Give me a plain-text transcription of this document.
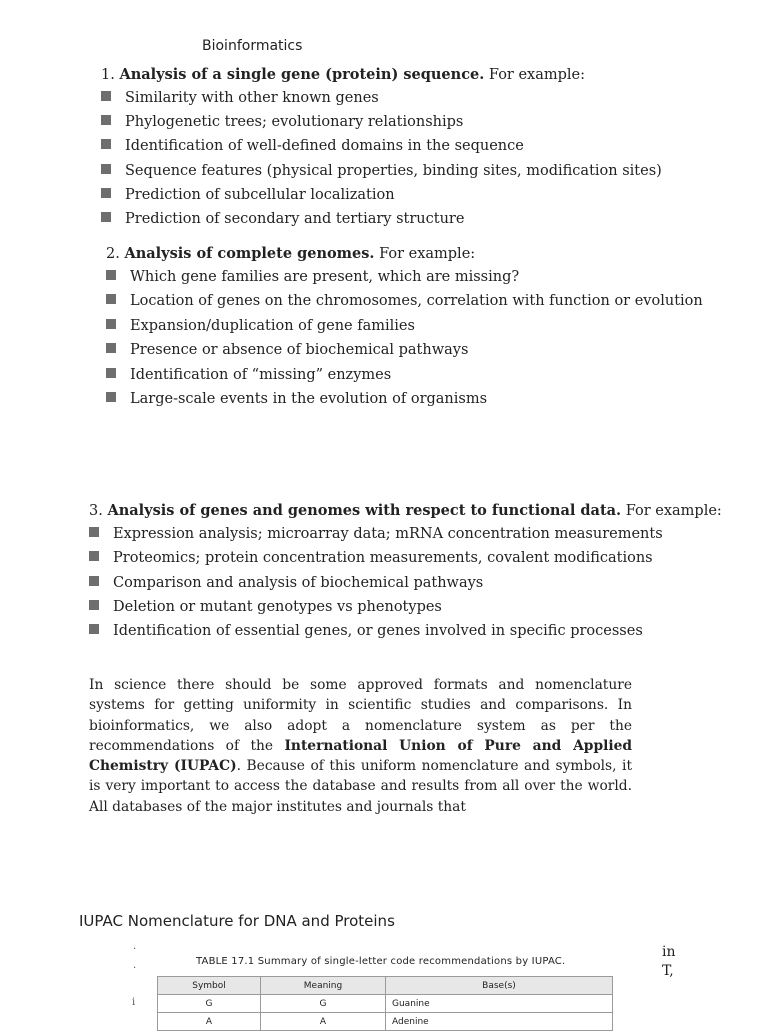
Bioinformatics
1. Analysis of a single gene (protein) sequence. For example:
Similarity with other known genes
Phylogenetic trees; evolutionary relationships
Identification of well-defined domains in the sequence
Sequence features (physical properties, binding sites, modification sites)
Prediction of subcellular localization
Prediction of secondary and tertiary structure
2. Analysis of complete genomes. For example:
Which gene families are present, which are missing?
Location of genes on the chromosomes, correlation with function or evolution
Expansion/duplication of gene families
Presence or absence of biochemical pathways
Identification of “missing” enzymes
Large-scale events in the evolution of organisms
3. Analysis of genes and genomes with respect to functional data. For example:
Expression analysis; microarray data; mRNA concentration measurements
Proteomics; protein concentration measurements, covalent modifications
Comparison and analysis of biochemical pathways
Deletion or mutant genotypes vs phenotypes
Identification of essential genes, or genes involved in specific processes
In science there should be some approved formats and nomenclature systems for getting uniformity in scientific studies and comparisons. In bioinformatics, we also adopt a nomenclature system as per the recommendations of the International Union of Pure and Applied Chemistry (IUPAC). Because of this uniform nomenclature and symbols, it is very important to access the database and results from all over the world. All databases of the major institutes and journals that
IUPAC Nomenclature for DNA and Proteins
TABLE 17.1 Summary of single-letter code recommendations by IUPAC.
in
T,
·
·
i
Symbol	Meaning	Base(s)
G	G	Guanine
A	A	Adenine
